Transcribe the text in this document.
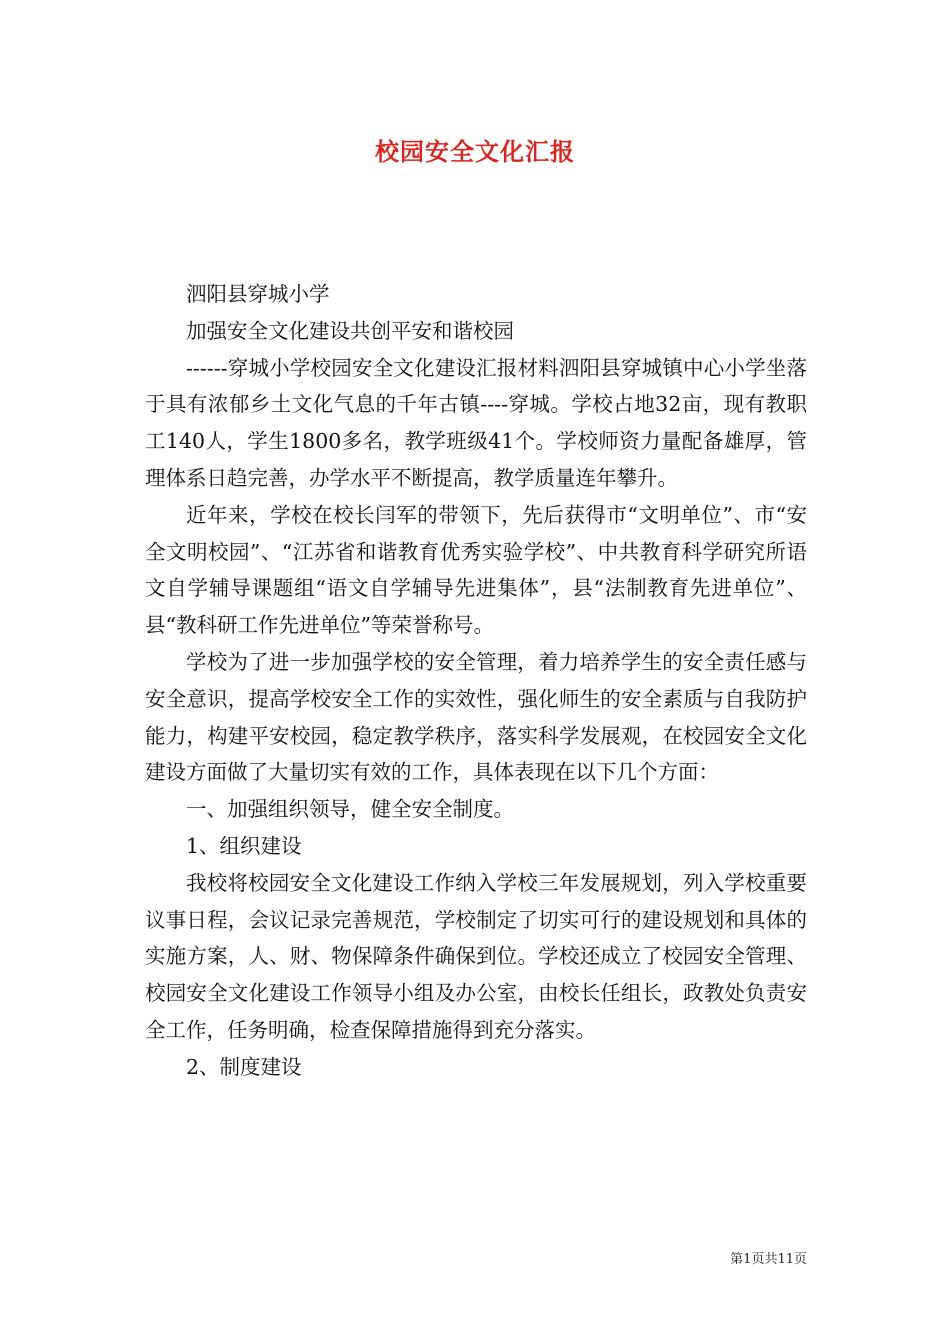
校园安全文化汇报

泗阳县穿城小学

加强安全文化建设共创平安和谐校园

------穿城小学校园安全文化建设汇报材料泗阳县穿城镇中心小学坐落于具有浓郁乡土文化气息的千年古镇----穿城。学校占地32亩，现有教职工140人，学生1800多名，教学班级41个。学校师资力量配备雄厚，管理体系日趋完善，办学水平不断提高，教学质量连年攀升。

近年来，学校在校长闫军的带领下，先后获得市“文明单位”、市“安全文明校园”、“江苏省和谐教育优秀实验学校”、中共教育科学研究所语文自学辅导课题组“语文自学辅导先进集体”，县“法制教育先进单位”、县“教科研工作先进单位”等荣誉称号。

学校为了进一步加强学校的安全管理，着力培养学生的安全责任感与安全意识，提高学校安全工作的实效性，强化师生的安全素质与自我防护能力，构建平安校园，稳定教学秩序，落实科学发展观，在校园安全文化建设方面做了大量切实有效的工作，具体表现在以下几个方面：

一、加强组织领导，健全安全制度。

1、组织建设

我校将校园安全文化建设工作纳入学校三年发展规划，列入学校重要议事日程，会议记录完善规范，学校制定了切实可行的建设规划和具体的实施方案，人、财、物保障条件确保到位。学校还成立了校园安全管理、校园安全文化建设工作领导小组及办公室，由校长任组长，政教处负责安全工作，任务明确，检查保障措施得到充分落实。

2、制度建设

第1页共11页
